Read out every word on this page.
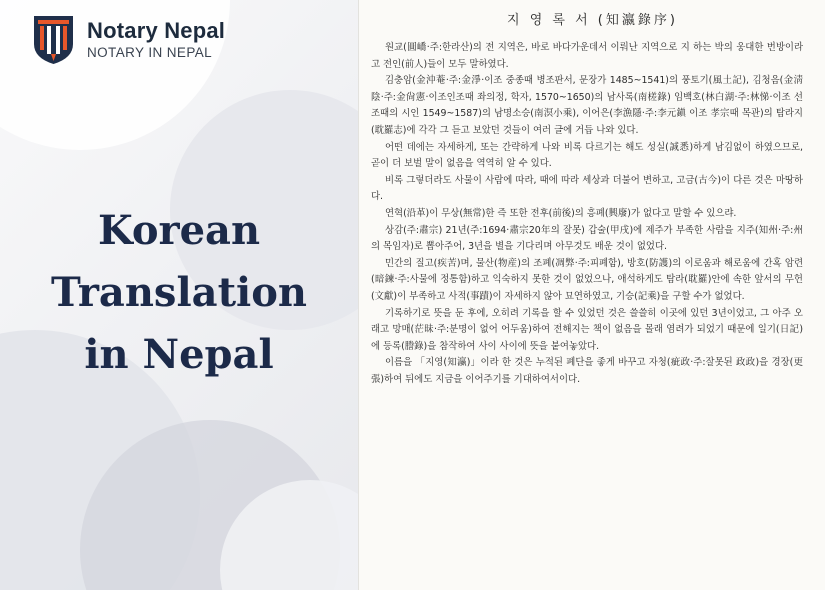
Notary Nepal
NOTARY IN NEPAL
Korean
Translation
in Nepal
지 영 록 서 (知瀛錄序)

원교(圓嶠·주:한라산)의 전 지역은, 바로 바다가운데서 이뤄난 지역으로 지 하는 박의 웅대한 번방이라고 전인(前人)들이 모두 말하였다.

김충암(金沖菴·주:金淨·이조 중종때 병조판서, 문장가 1485~1541)의 풍토기(風土記), 김청음(金淸陰·주:金尙憲·이조인조때 좌의정, 학자, 1570~1650)의 남사록(南槎錄) 임백호(林白湖·주:林悌·이조 선조때의 시인 1549~1587)의 남명소승(南溟小乘), 이어은(李漁隱·주:李元鎭 이조 孝宗때 목관)의 탐라지(耽羅志)에 각각 그 듣고 보았던 것들이 여러 글에 거듭 나와 있다.

어떤 데에는 자세하게, 또는 간략하게 나와 비록 다르기는 해도 성실(誠悉)하게 남김없이 하였으므로, 곧이 더 보벌 말이 없음을 역역히 알 수 있다.

비록 그렇더라도 사물이 사람에 따라, 때에 따라 세상과 더불어 변하고, 고금(古今)이 다른 것은 마땅하다.

연혁(沿革)이 무상(無常)한 즉 또한 전후(前後)의 흥폐(興廢)가 없다고 말할 수 있으랴.

상감(주:肅宗) 21년(주:1694·肅宗20年의 잘못) 갑술(甲戌)에 제주가 부족한 사람을 지주(知州·주:州의 목임자)로 뽑아주어, 3년을 별을 기다리며 아무것도 배운 것이 없었다.

민간의 질고(疾苦)며, 물산(物産)의 조폐(凋弊·주:피폐함), 방호(防護)의 이로움과 해로움에 간혹 암련(暗鍊·주:사물에 정통함)하고 익숙하지 못한 것이 없었으나, 애석하게도 탐라(耽羅)안에 속한 앞서의 무헌(文獻)이 부족하고 사적(事蹟)이 자세하지 않아 묘연하였고, 기승(記乘)을 구할 수가 없었다.

기록하기로 뜻을 둔 후에, 오히려 기록을 할 수 있었던 것은 쓸쓸히 이곳에 있던 3년이었고, 그 아주 오래고 망매(茫昧·주:분명이 없어 어두움)하여 전해지는 책이 없음을 몰래 염려가 되었기 때문에 일기(日記)에 등록(謄錄)을 참작하여 사이 사이에 뜻을 붙여놓았다.

이름을 「지영(知瀛)」이라 한 것은 누적된 폐단을 좋게 바꾸고 자청(疵政·주:잘못된 政政)을 경장(更張)하여 뒤에도 지금을 이어주기를 기대하여서이다.
